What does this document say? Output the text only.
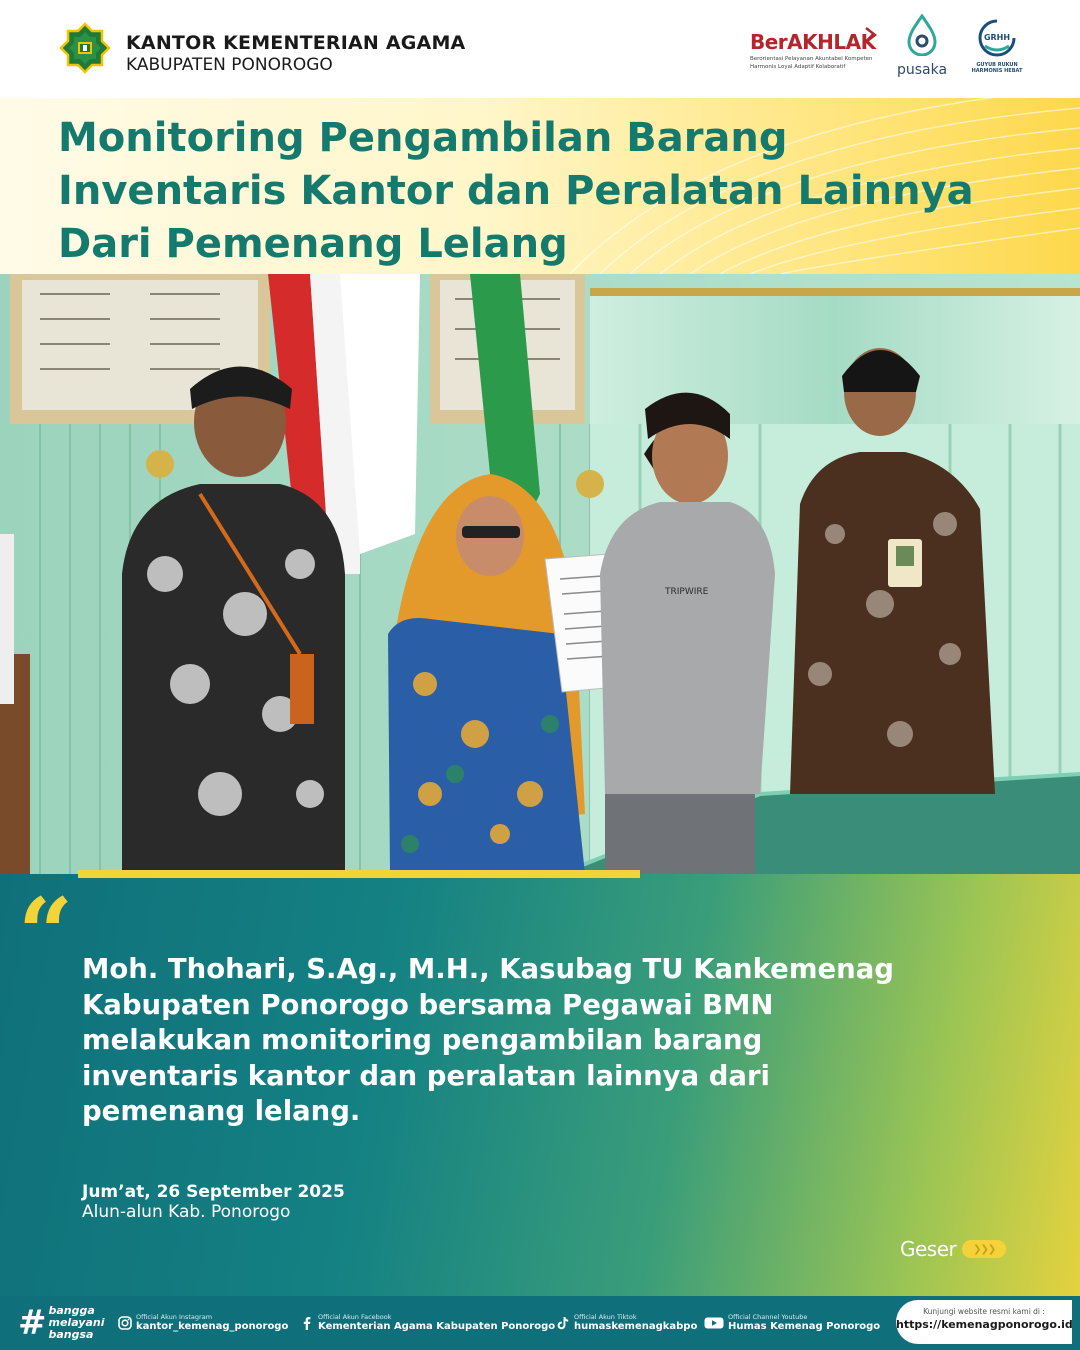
KANTOR KEMENTERIAN AGAMA
KABUPATEN PONOROGO
BerAKHLAK
Berorientasi Pelayanan Akuntabel Kompeten
Harmonis Loyal Adaptif Kolaboratif	pusaka
GRHH
GUYUB RUKUN
HARMONIS HEBAT
Monitoring Pengambilan Barang
Inventaris Kantor dan Peralatan Lainnya
Dari Pemenang Lelang
TRIPWIRE
“ Moh. Thohari, S.Ag., M.H., Kasubag TU Kankemenag
Kabupaten Ponorogo bersama Pegawai BMN
melakukan monitoring pengambilan barang
inventaris kantor dan peralatan lainnya dari
pemenang lelang.
Jum’at, 26 September 2025
Alun-alun Kab. Ponorogo
Geser	❯❯❯
# bangga
melayani
bangsa
Official Akun Instagram
kantor_kemenag_ponorogo
Official Akun Facebook
Kementerian Agama Kabupaten Ponorogo
Official Akun Tiktok
humaskemenagkabpo
Official Channel Youtube
Humas Kemenag Ponorogo
Kunjungi website resmi kami di :
https://kemenagponorogo.id
